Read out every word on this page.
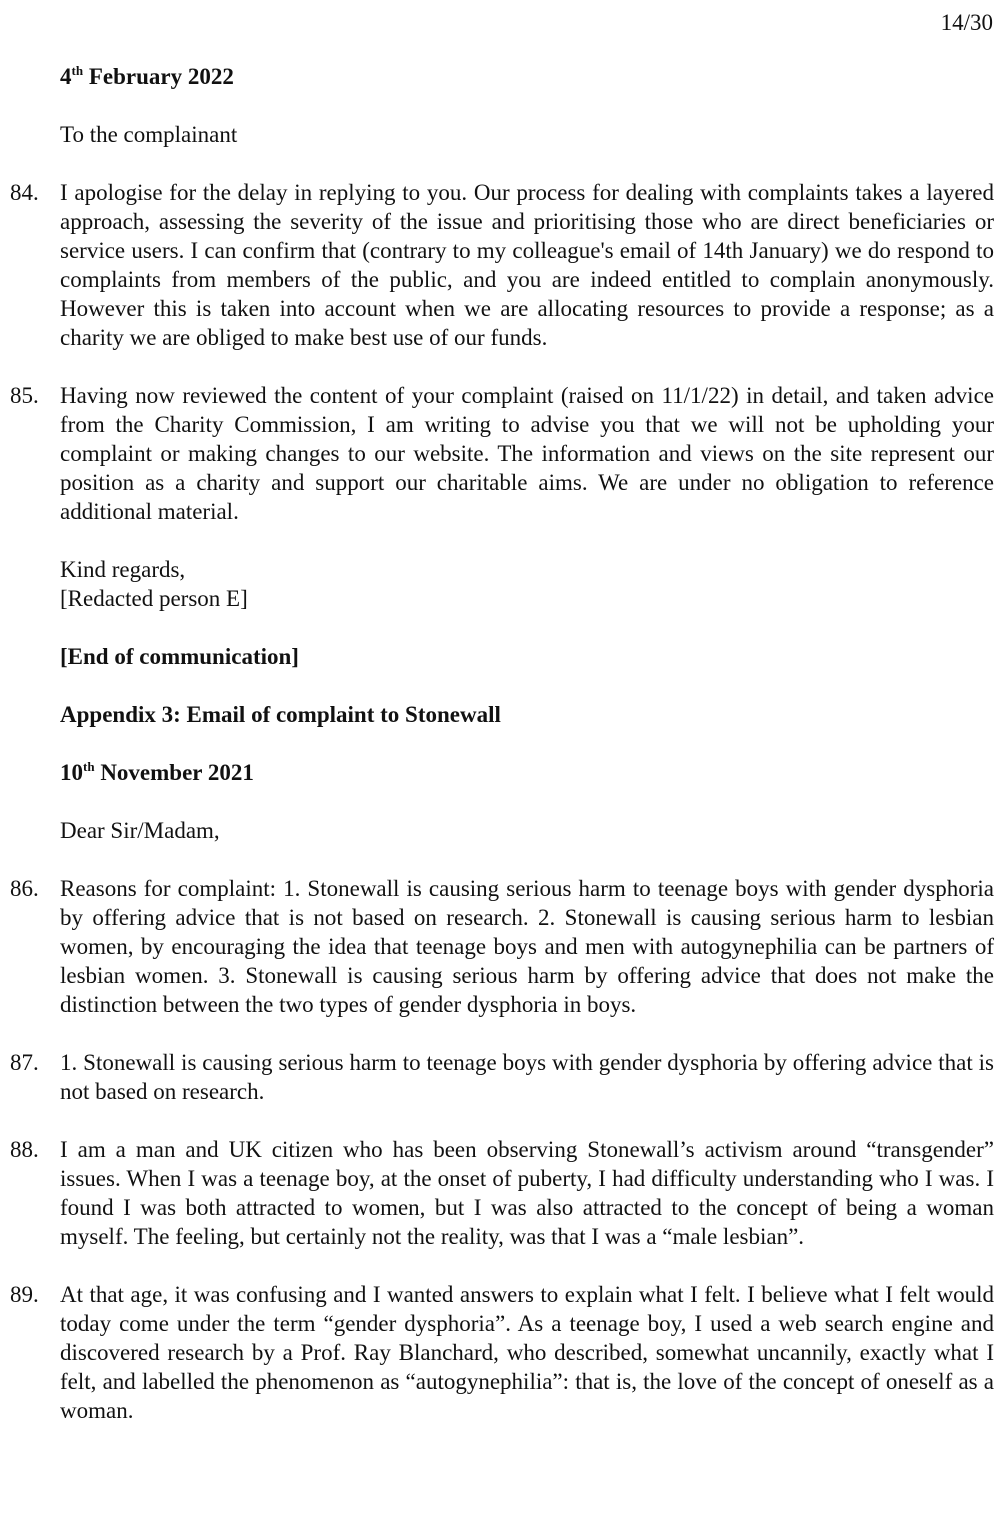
14/30
4th February 2022
To the complainant
84. I apologise for the delay in replying to you. Our process for dealing with complaints takes a layered approach, assessing the severity of the issue and prioritising those who are direct beneficiaries or service users. I can confirm that (contrary to my colleague's email of 14th January) we do respond to complaints from members of the public, and you are indeed entitled to complain anonymously. However this is taken into account when we are allocating resources to provide a response; as a charity we are obliged to make best use of our funds.
85. Having now reviewed the content of your complaint (raised on 11/1/22) in detail, and taken advice from the Charity Commission, I am writing to advise you that we will not be upholding your complaint or making changes to our website. The information and views on the site represent our position as a charity and support our charitable aims. We are under no obligation to reference additional material.
Kind regards,
[Redacted person E]
[End of communication]
Appendix 3: Email of complaint to Stonewall
10th November 2021
Dear Sir/Madam,
86. Reasons for complaint: 1. Stonewall is causing serious harm to teenage boys with gender dysphoria by offering advice that is not based on research. 2. Stonewall is causing serious harm to lesbian women, by encouraging the idea that teenage boys and men with autogynephilia can be partners of lesbian women. 3. Stonewall is causing serious harm by offering advice that does not make the distinction between the two types of gender dysphoria in boys.
87. 1. Stonewall is causing serious harm to teenage boys with gender dysphoria by offering advice that is not based on research.
88. I am a man and UK citizen who has been observing Stonewall’s activism around “transgender” issues. When I was a teenage boy, at the onset of puberty, I had difficulty understanding who I was. I found I was both attracted to women, but I was also attracted to the concept of being a woman myself. The feeling, but certainly not the reality, was that I was a “male lesbian”.
89. At that age, it was confusing and I wanted answers to explain what I felt. I believe what I felt would today come under the term “gender dysphoria”. As a teenage boy, I used a web search engine and discovered research by a Prof. Ray Blanchard, who described, somewhat uncannily, exactly what I felt, and labelled the phenomenon as “autogynephilia”: that is, the love of the concept of oneself as a woman.
